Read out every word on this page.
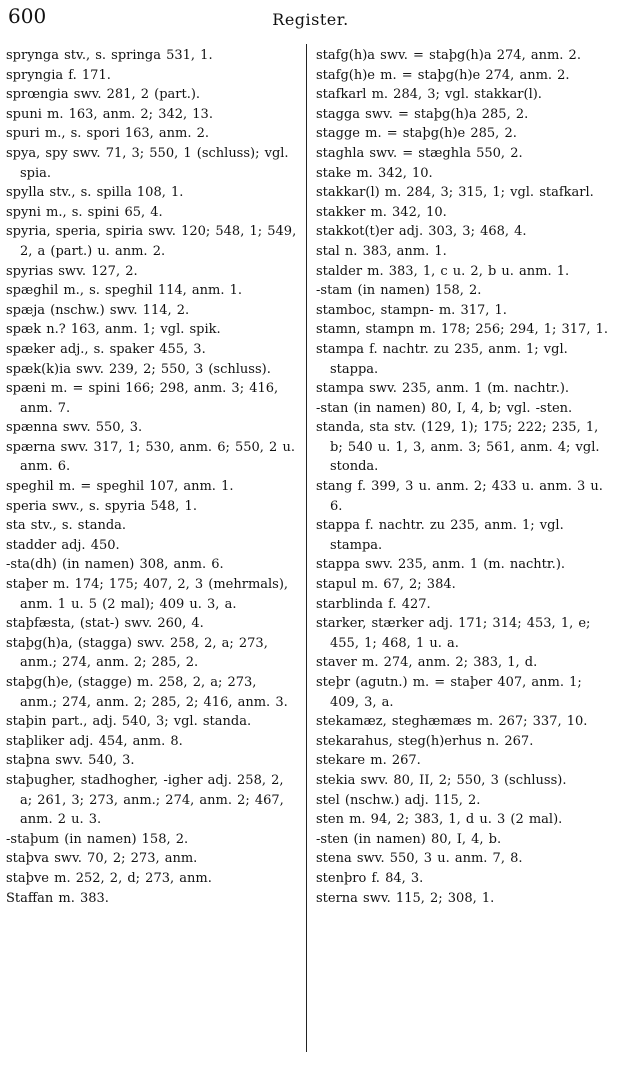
600	Register.

sprynga stv., s. springa 531, 1.

spryngia f. 171.

sprœngia swv. 281, 2 (part.).

spuni m. 163, anm. 2; 342, 13.

spuri m., s. spori 163, anm. 2.

spya, spy swv. 71, 3; 550, 1 (schluss); vgl. spia.

spylla stv., s. spilla 108, 1.

spyni m., s. spini 65, 4.

spyria, speria, spiria swv. 120; 548, 1; 549, 2, a (part.) u. anm. 2.

spyrias swv. 127, 2.

spæghil m., s. speghil 114, anm. 1.

spæja (nschw.) swv. 114, 2.

spæk n.? 163, anm. 1; vgl. spik.

spæker adj., s. spaker 455, 3.

spæk(k)ia swv. 239, 2; 550, 3 (schluss).

spæni m. = spini 166; 298, anm. 3; 416, anm. 7.

spænna swv. 550, 3.

spærna swv. 317, 1; 530, anm. 6; 550, 2 u. anm. 6.

speghil m. = speghil 107, anm. 1.

speria swv., s. spyria 548, 1.

sta stv., s. standa.

stadder adj. 450.

-sta(dh) (in namen) 308, anm. 6.

staþer m. 174; 175; 407, 2, 3 (mehrmals), anm. 1 u. 5 (2 mal); 409 u. 3, a.

staþfæsta, (stat-) swv. 260, 4.

staþg(h)a, (stagga) swv. 258, 2, a; 273, anm.; 274, anm. 2; 285, 2.

staþg(h)e, (stagge) m. 258, 2, a; 273, anm.; 274, anm. 2; 285, 2; 416, anm. 3.

staþin part., adj. 540, 3; vgl. standa.

staþliker adj. 454, anm. 8.

staþna swv. 540, 3.

staþugher, stadhogher, -igher adj. 258, 2, a; 261, 3; 273, anm.; 274, anm. 2; 467, anm. 2 u. 3.

-staþum (in namen) 158, 2.

staþva swv. 70, 2; 273, anm.

staþve m. 252, 2, d; 273, anm.

Staffan m. 383.

stafg(h)a swv. = staþg(h)a 274, anm. 2.

stafg(h)e m. = staþg(h)e 274, anm. 2.

stafkarl m. 284, 3; vgl. stakkar(l).

stagga swv. = staþg(h)a 285, 2.

stagge m. = staþg(h)e 285, 2.

staghla swv. = stæghla 550, 2.

stake m. 342, 10.

stakkar(l) m. 284, 3; 315, 1; vgl. stafkarl.

stakker m. 342, 10.

stakkot(t)er adj. 303, 3; 468, 4.

stal n. 383, anm. 1.

stalder m. 383, 1, c u. 2, b u. anm. 1.

-stam (in namen) 158, 2.

stamboc, stampn- m. 317, 1.

stamn, stampn m. 178; 256; 294, 1; 317, 1.

stampa f. nachtr. zu 235, anm. 1; vgl. stappa.

stampa swv. 235, anm. 1 (m. nachtr.).

-stan (in namen) 80, I, 4, b; vgl. -sten.

standa, sta stv. (129, 1); 175; 222; 235, 1, b; 540 u. 1, 3, anm. 3; 561, anm. 4; vgl. stonda.

stang f. 399, 3 u. anm. 2; 433 u. anm. 3 u. 6.

stappa f. nachtr. zu 235, anm. 1; vgl. stampa.

stappa swv. 235, anm. 1 (m. nachtr.).

stapul m. 67, 2; 384.

starblinda f. 427.

starker, stærker adj. 171; 314; 453, 1, e; 455, 1; 468, 1 u. a.

staver m. 274, anm. 2; 383, 1, d.

steþr (agutn.) m. = staþer 407, anm. 1; 409, 3, a.

stekamæz, steghæmæs m. 267; 337, 10.

stekarahus, steg(h)erhus n. 267.

stekare m. 267.

stekia swv. 80, II, 2; 550, 3 (schluss).

stel (nschw.) adj. 115, 2.

sten m. 94, 2; 383, 1, d u. 3 (2 mal).

-sten (in namen) 80, I, 4, b.

stena swv. 550, 3 u. anm. 7, 8.

stenþro f. 84, 3.

sterna swv. 115, 2; 308, 1.
